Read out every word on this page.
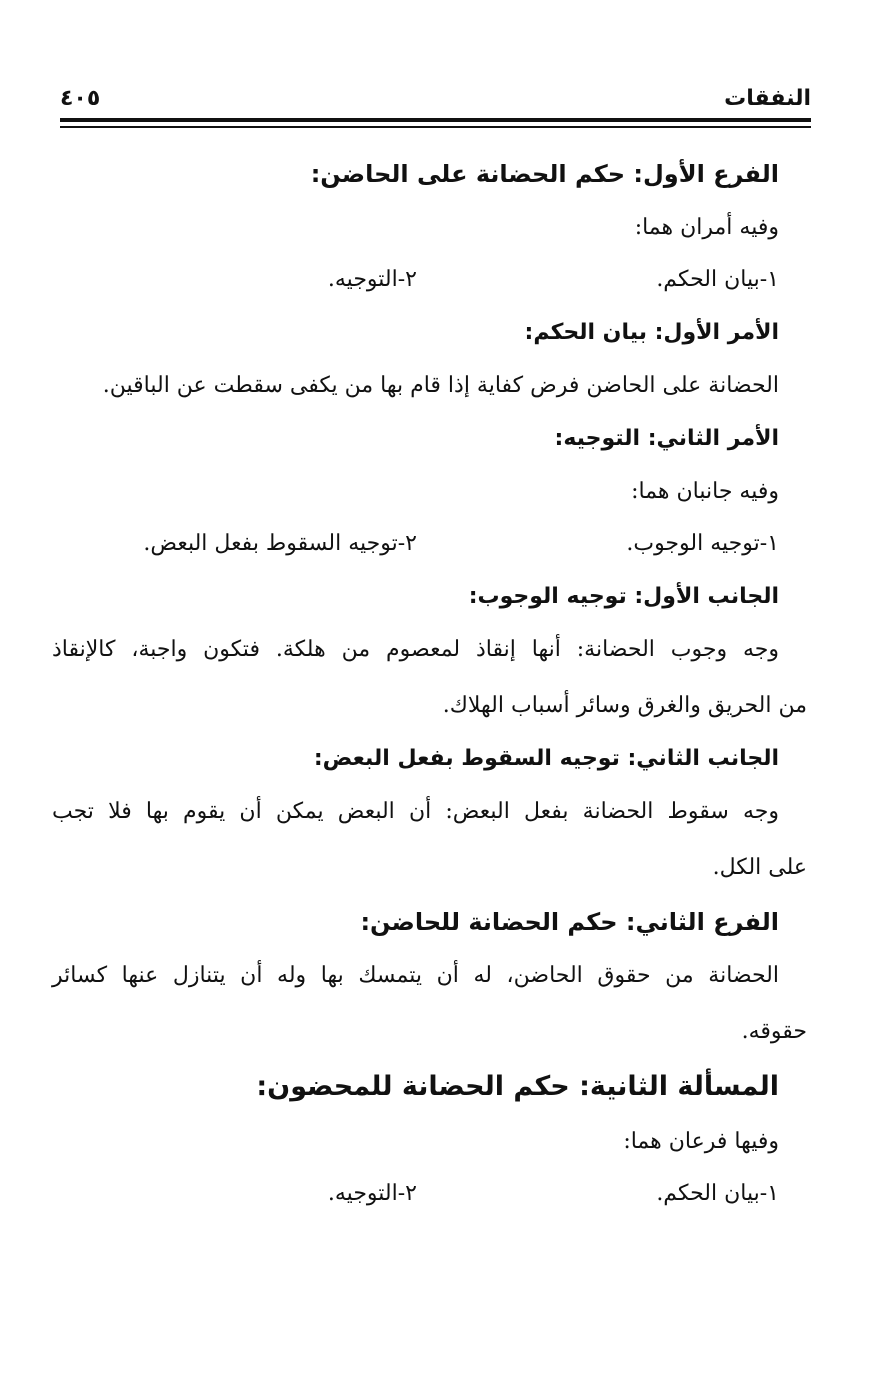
النفقات
٤٠٥
الفرع الأول: حكم الحضانة على الحاضن:
وفيه أمران هما:
١-بيان الحكم.
٢-التوجيه.
الأمر الأول: بيان الحكم:
الحضانة على الحاضن فرض كفاية إذا قام بها من يكفى سقطت عن الباقين.
الأمر الثاني: التوجيه:
وفيه جانبان هما:
١-توجيه الوجوب.
٢-توجيه السقوط بفعل البعض.
الجانب الأول: توجيه الوجوب:
وجه وجوب الحضانة: أنها إنقاذ لمعصوم من هلكة. فتكون واجبة، كالإنقاذ
من الحريق والغرق وسائر أسباب الهلاك.
الجانب الثاني: توجيه السقوط بفعل البعض:
وجه سقوط الحضانة بفعل البعض: أن البعض يمكن أن يقوم بها فلا تجب
على الكل.
الفرع الثاني: حكم الحضانة للحاضن:
الحضانة من حقوق الحاضن، له أن يتمسك بها وله أن يتنازل عنها كسائر
حقوقه.
المسألة الثانية: حكم الحضانة للمحضون:
وفيها فرعان هما:
١-بيان الحكم.
٢-التوجيه.
